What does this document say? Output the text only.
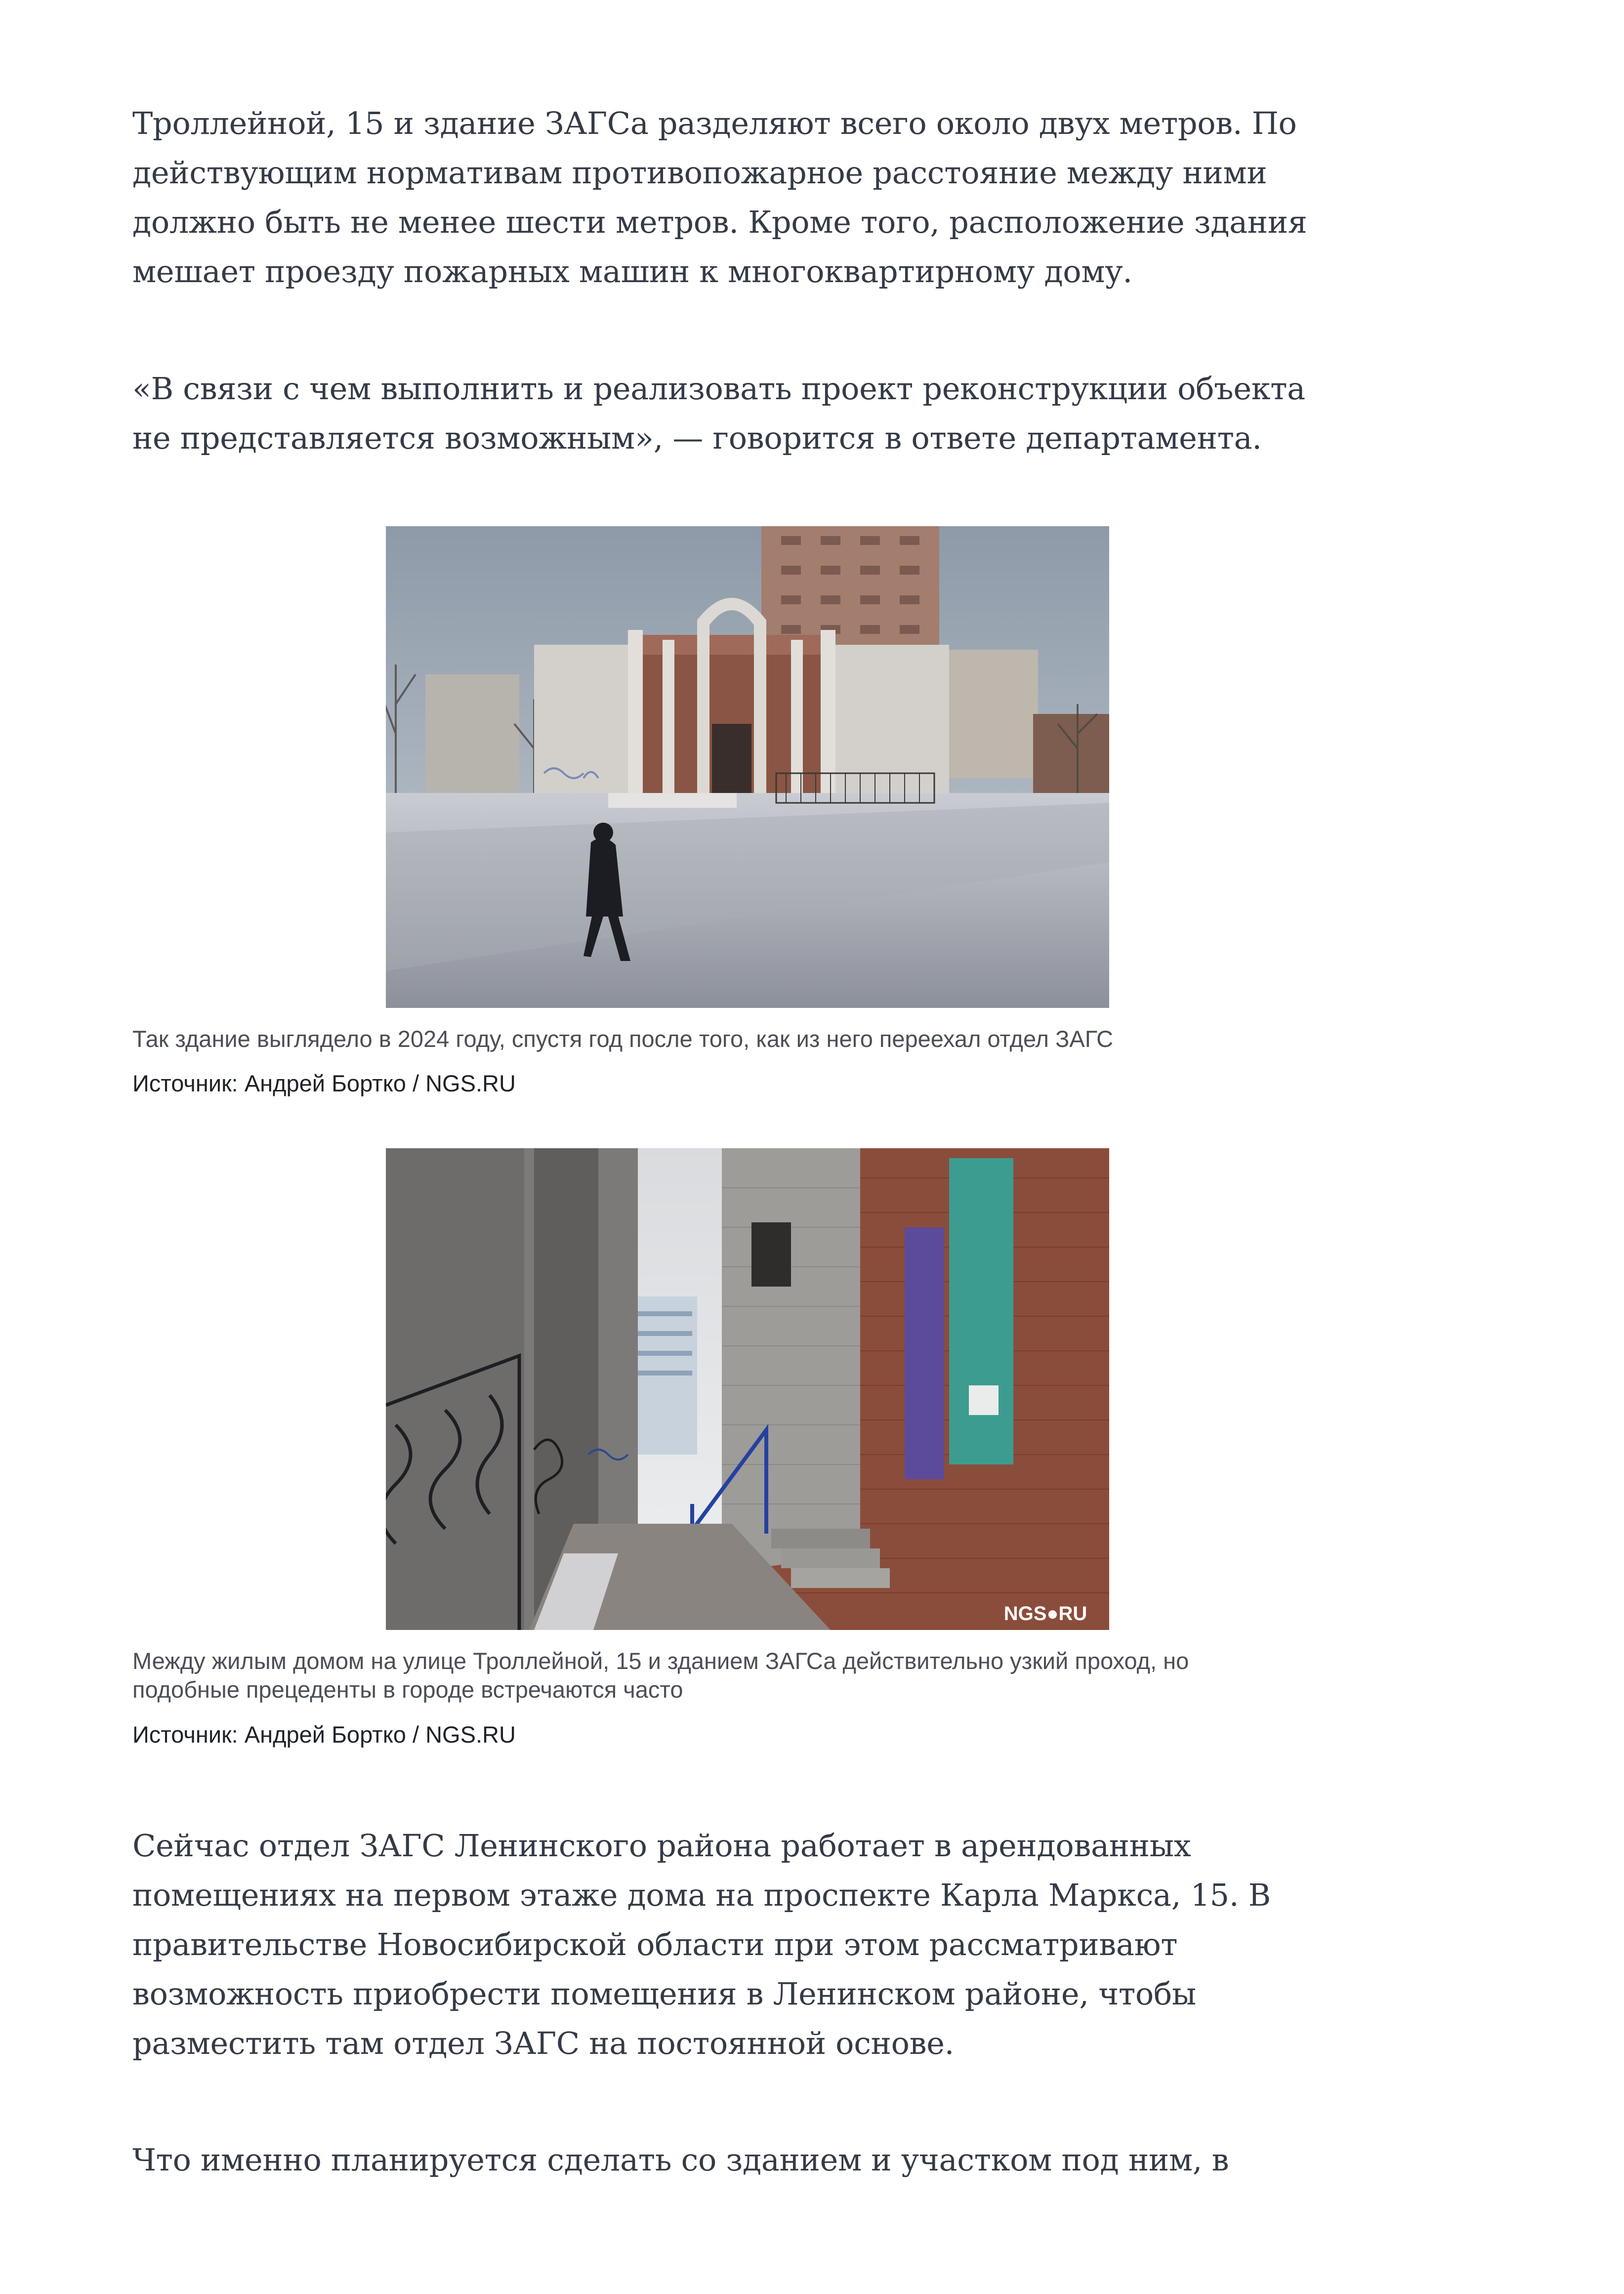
Троллейной, 15 и здание ЗАГСа разделяют всего около двух метров. По
действующим нормативам противопожарное расстояние между ними
должно быть не менее шести метров. Кроме того, расположение здания
мешает проезду пожарных машин к многоквартирному дому.

«В связи с чем выполнить и реализовать проект реконструкции объекта
не представляется возможным», — говорится в ответе департамента.

Так здание выглядело в 2024 году, спустя год после того, как из него переехал отдел ЗАГС
Источник: Андрей Бортко / NGS.RU
NGS●RU
Между жилым домом на улице Троллейной, 15 и зданием ЗАГСа действительно узкий проход, но
подобные прецеденты в городе встречаются часто
Источник: Андрей Бортко / NGS.RU

Сейчас отдел ЗАГС Ленинского района работает в арендованных
помещениях на первом этаже дома на проспекте Карла Маркса, 15. В
правительстве Новосибирской области при этом рассматривают
возможность приобрести помещения в Ленинском районе, чтобы
разместить там отдел ЗАГС на постоянной основе.

Что именно планируется сделать со зданием и участком под ним, в
